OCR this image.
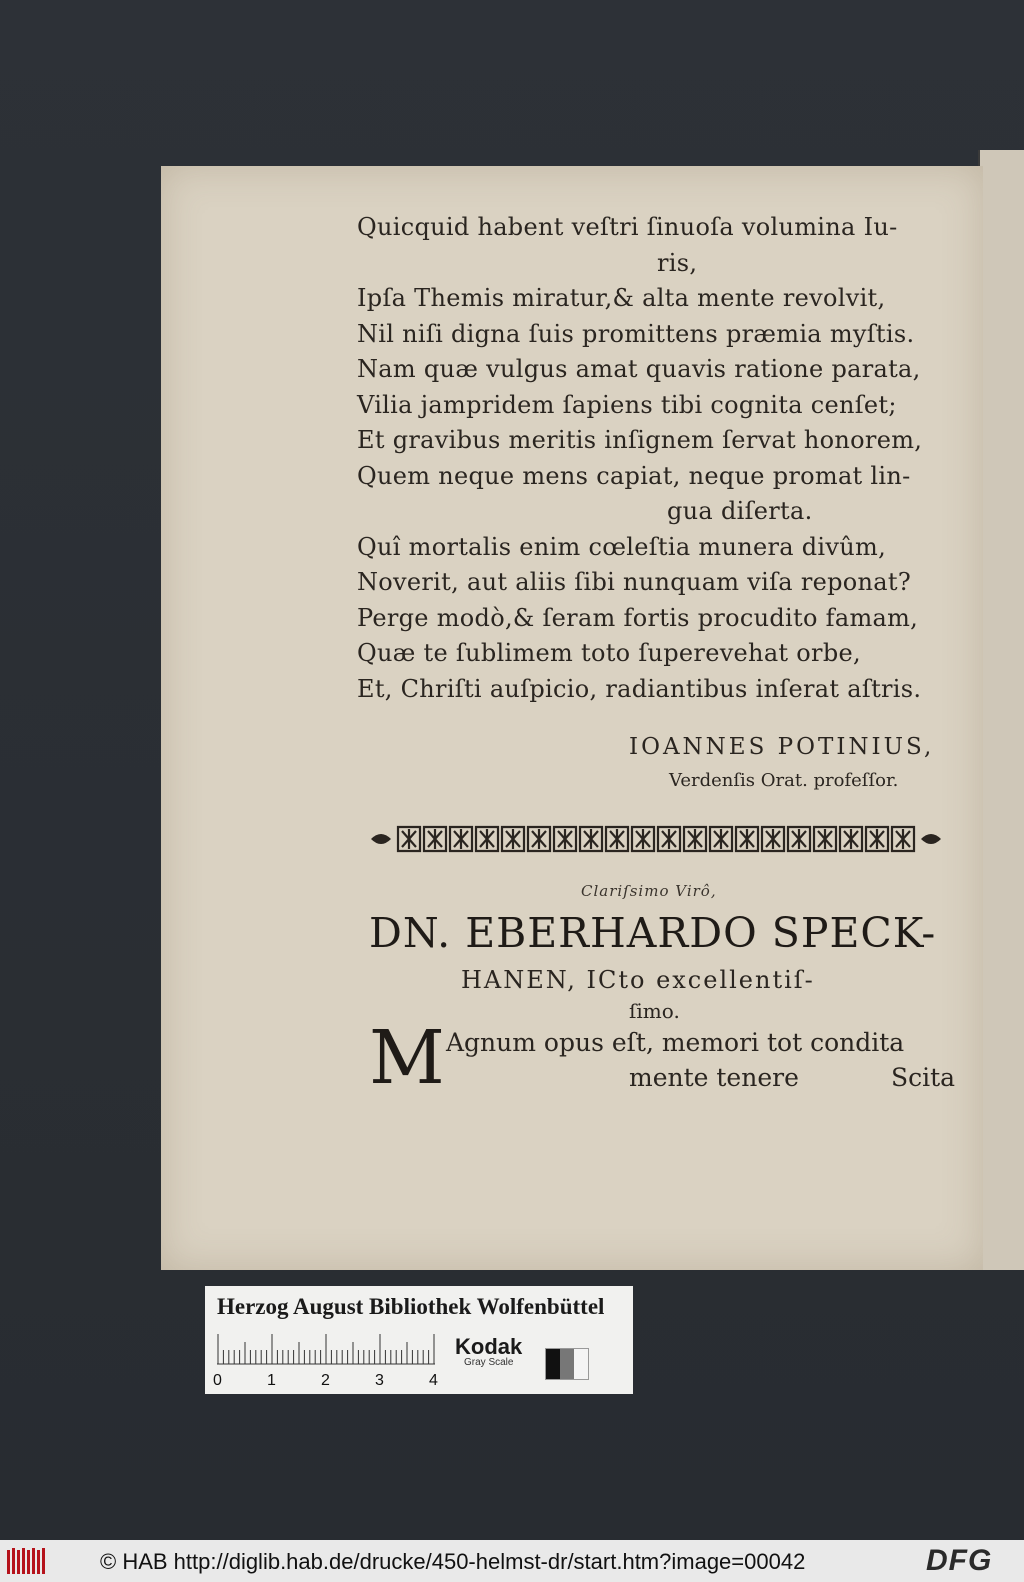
Quicquid habent veſtri ſinuoſa volumina Iu-
ris,
Ipſa Themis miratur,& alta mente revolvit,
Nil niſi digna ſuis promittens præmia myſtis.
Nam quæ vulgus amat quavis ratione parata,
Vilia jampridem ſapiens tibi cognita cenſet;
Et gravibus meritis inſignem ſervat honorem,
Quem neque mens capiat, neque promat lin-
gua diſerta.
Quî mortalis enim cœleſtia munera divûm,
Noverit, aut aliis ſibi nunquam viſa reponat?
Perge modò,& ſeram fortis procudito famam,
Quæ te ſublimem toto ſuperevehat orbe,
Et, Chriſti auſpicio, radiantibus inſerat aſtris.
IOANNES POTINIUS,
Verdenſis Orat. profeſſor.
Clariſsimo Virô,
DN. EBERHARDO SPECK-
HANEN, ICto excellentiſ-
ſimo.
M Agnum opus eſt, memori tot condita
mente tenere	Scita
Herzog August Bibliothek Wolfenbüttel
0	1	2	3	4
Kodak
Gray Scale
© HAB http://diglib.hab.de/drucke/450-helmst-dr/start.htm?image=00042	DFG
